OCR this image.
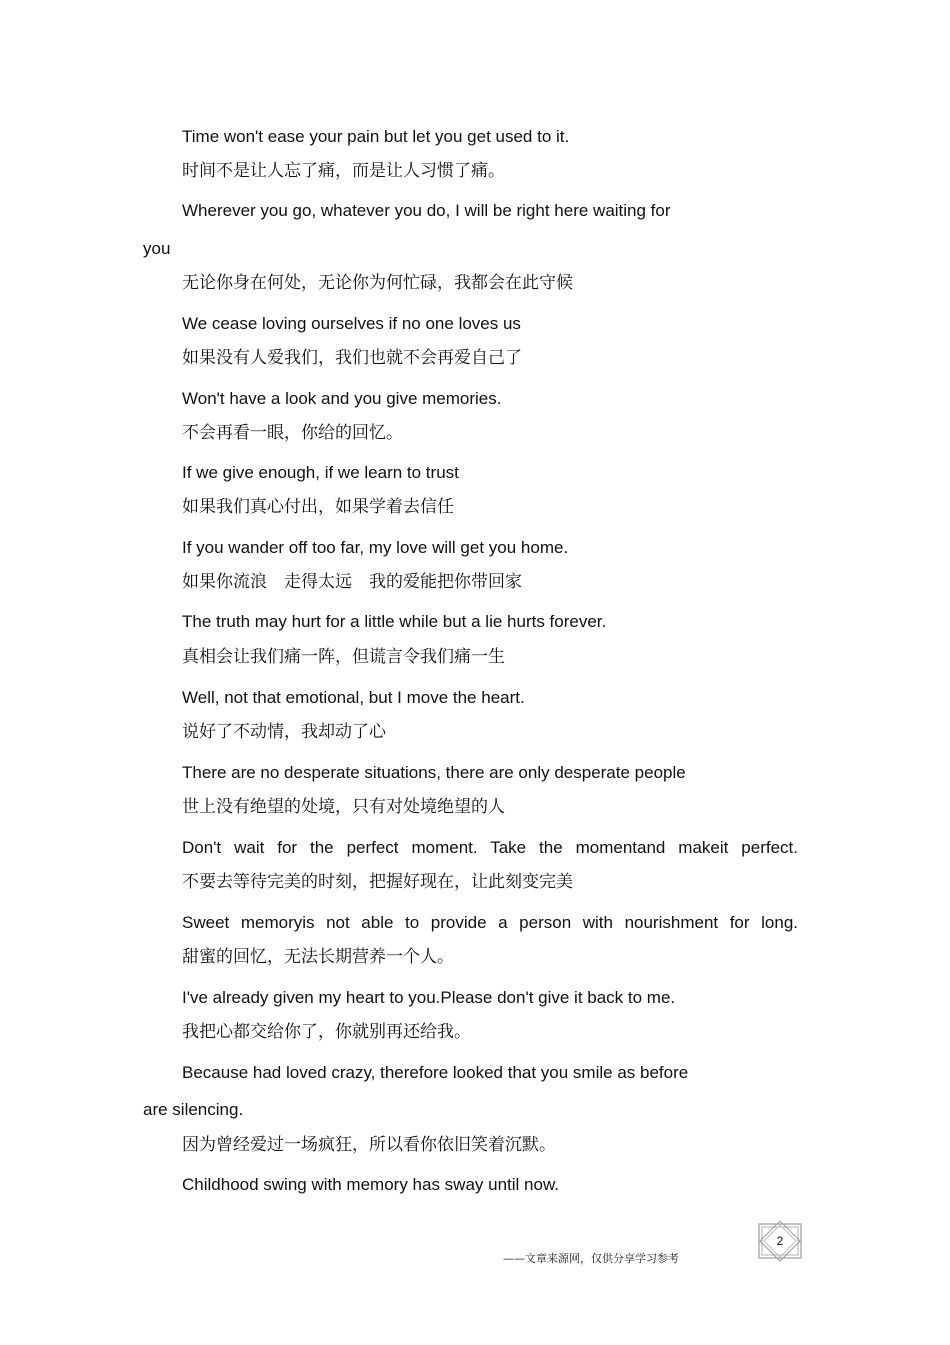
Time won't ease your pain but let you get used to it.
时间不是让人忘了痛，而是让人习惯了痛。
Wherever you go, whatever you do, I will be right here waiting for
you
无论你身在何处，无论你为何忙碌，我都会在此守候
We cease loving ourselves if no one loves us
如果没有人爱我们，我们也就不会再爱自己了
Won't have a look and you give memories.
不会再看一眼，你给的回忆。
If we give enough, if we learn to trust
如果我们真心付出，如果学着去信任
If you wander off too far, my love will get you home.
如果你流浪　走得太远　我的爱能把你带回家
The truth may hurt for a little while but a lie hurts forever.
真相会让我们痛一阵，但谎言令我们痛一生
Well, not that emotional, but I move the heart.
说好了不动情，我却动了心
There are no desperate situations, there are only desperate people
世上没有绝望的处境，只有对处境绝望的人
Don't wait for the perfect moment. Take the momentand makeit perfect.
不要去等待完美的时刻，把握好现在，让此刻变完美
Sweet memoryis not able to provide a person with nourishment for long.
甜蜜的回忆，无法长期营养一个人。
I've already given my heart to you.Please don't give it back to me.
我把心都交给你了，你就别再还给我。
Because had loved crazy, therefore looked that you smile as before
are silencing.
因为曾经爱过一场疯狂，所以看你依旧笑着沉默。
Childhood swing with memory has sway until now.
——文章来源网，仅供分享学习参考
2
